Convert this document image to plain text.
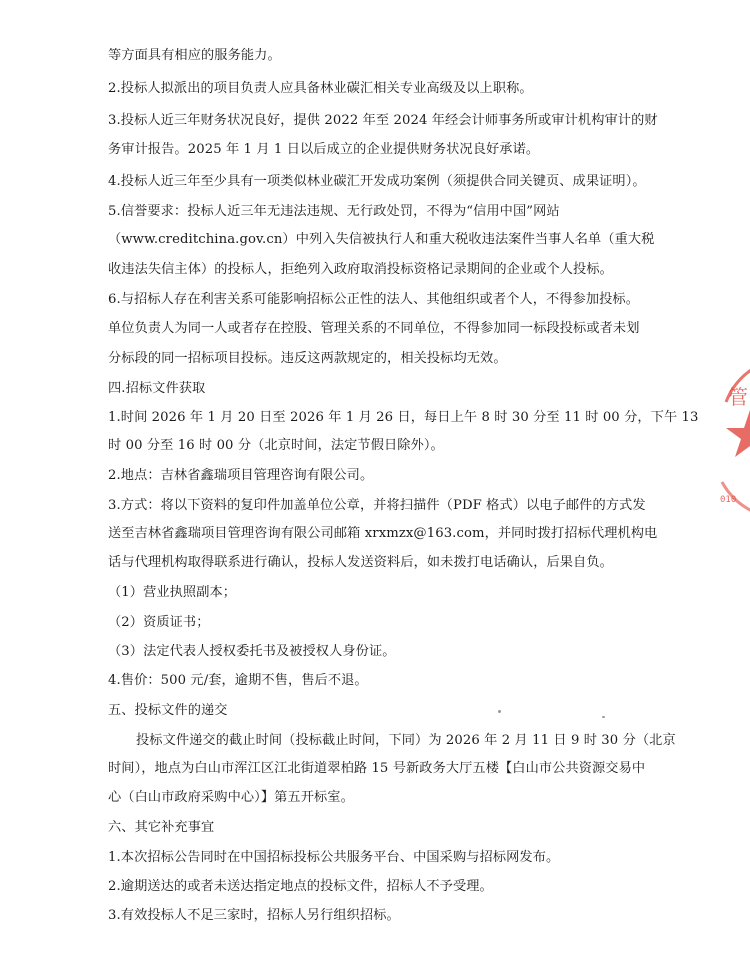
等方面具有相应的服务能力。
2.投标人拟派出的项目负责人应具备林业碳汇相关专业高级及以上职称。
3.投标人近三年财务状况良好，提供 2022 年至 2024 年经会计师事务所或审计机构审计的财
务审计报告。2025 年 1 月 1 日以后成立的企业提供财务状况良好承诺。
4.投标人近三年至少具有一项类似林业碳汇开发成功案例（须提供合同关键页、成果证明）。
5.信誉要求：投标人近三年无违法违规、无行政处罚，不得为“信用中国”网站
（www.creditchina.gov.cn）中列入失信被执行人和重大税收违法案件当事人名单（重大税
收违法失信主体）的投标人，拒绝列入政府取消投标资格记录期间的企业或个人投标。
6.与招标人存在利害关系可能影响招标公正性的法人、其他组织或者个人，不得参加投标。
单位负责人为同一人或者存在控股、管理关系的不同单位，不得参加同一标段投标或者未划
分标段的同一招标项目投标。违反这两款规定的，相关投标均无效。
四.招标文件获取
1.时间 2026 年 1 月 20 日至 2026 年 1 月 26 日，每日上午 8 时 30 分至 11 时 00 分，下午 13
时 00 分至 16 时 00 分（北京时间，法定节假日除外）。
2.地点：吉林省鑫瑞项目管理咨询有限公司。
3.方式：将以下资料的复印件加盖单位公章，并将扫描件（PDF 格式）以电子邮件的方式发
送至吉林省鑫瑞项目管理咨询有限公司邮箱 xrxmzx@163.com，并同时拨打招标代理机构电
话与代理机构取得联系进行确认，投标人发送资料后，如未拨打电话确认，后果自负。
（1）营业执照副本；
（2）资质证书；
（3）法定代表人授权委托书及被授权人身份证。
4.售价：500 元/套，逾期不售，售后不退。
五、投标文件的递交
投标文件递交的截止时间（投标截止时间，下同）为 2026 年 2 月 11 日 9 时 30 分（北京
时间），地点为白山市浑江区江北街道翠柏路 15 号新政务大厅五楼【白山市公共资源交易中
心（白山市政府采购中心）】第五开标室。
六、其它补充事宜
1.本次招标公告同时在中国招标投标公共服务平台、中国采购与招标网发布。
2.逾期送达的或者未送达指定地点的投标文件，招标人不予受理。
3.有效投标人不足三家时，招标人另行组织招标。
管
010
